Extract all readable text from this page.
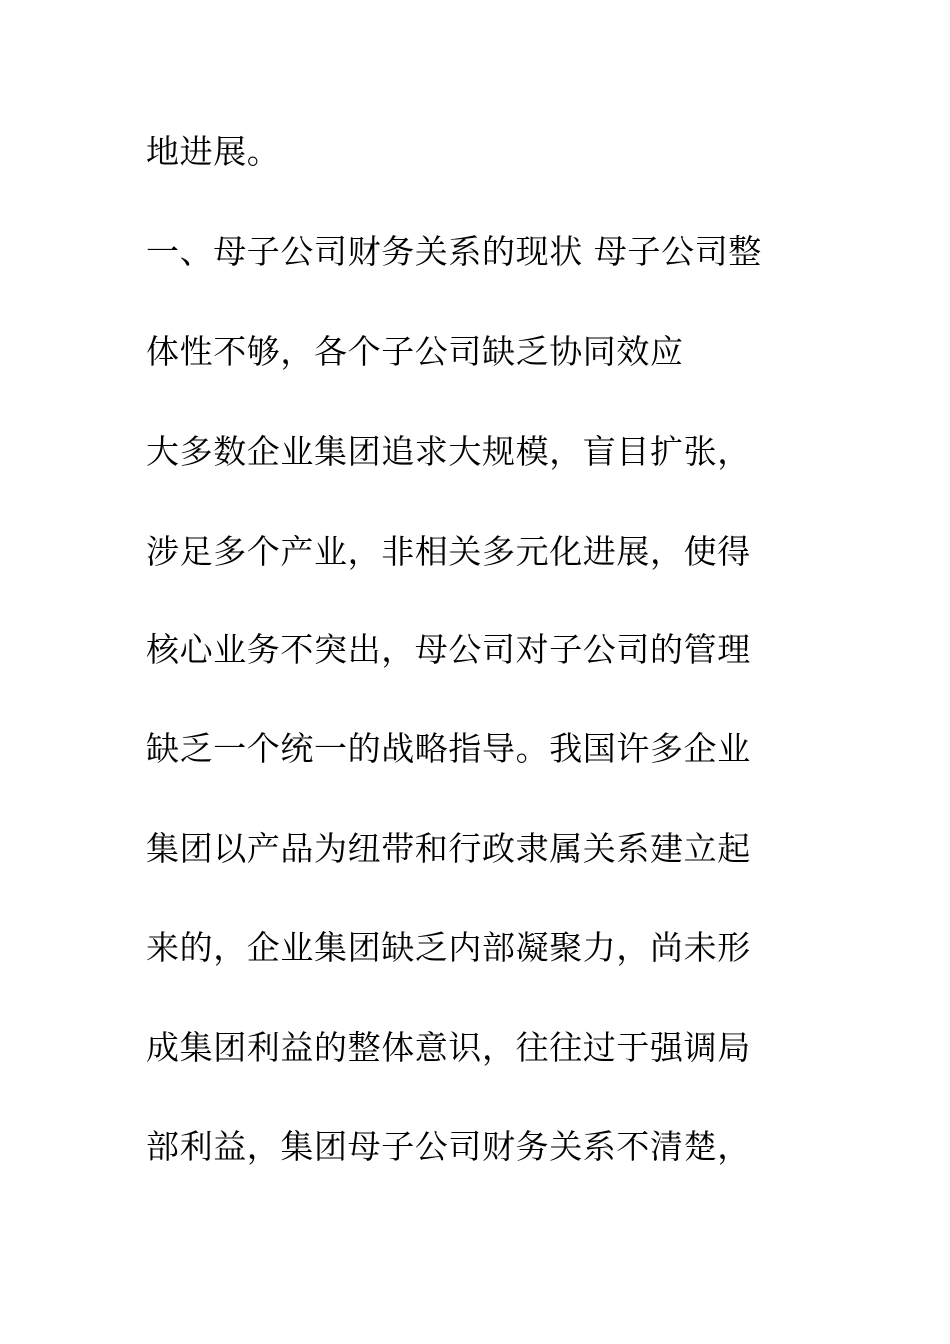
地进展。
一、母子公司财务关系的现状 母子公司整
体性不够，各个子公司缺乏协同效应
大多数企业集团追求大规模，盲目扩张，
涉足多个产业，非相关多元化进展，使得
核心业务不突出，母公司对子公司的管理
缺乏一个统一的战略指导。我国许多企业
集团以产品为纽带和行政隶属关系建立起
来的，企业集团缺乏内部凝聚力，尚未形
成集团利益的整体意识，往往过于强调局
部利益，集团母子公司财务关系不清楚，
